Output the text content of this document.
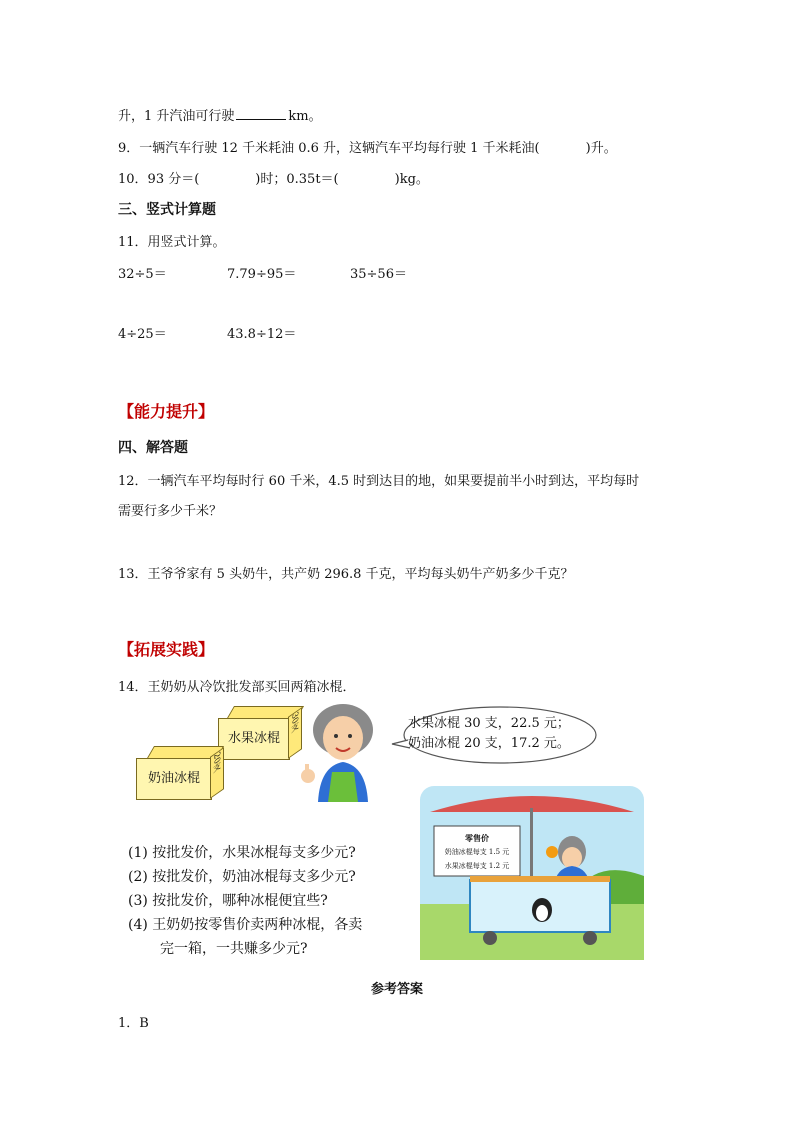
升，1 升汽油可行驶	km。
9．一辆汽车行驶 12 千米耗油 0.6 升，这辆汽车平均每行驶 1 千米耗油(	)升。
10．93 分＝(	)时；0.35t＝(	)kg。
三、竖式计算题
11．用竖式计算。
32÷5＝	7.79÷95＝	35÷56＝
4÷25＝	43.8÷12＝
【能力提升】
四、解答题
12．一辆汽车平均每时行 60 千米，4.5 时到达目的地，如果要提前半小时到达，平均每时
需要行多少千米？
13．王爷爷家有 5 头奶牛，共产奶 296.8 千克，平均每头奶牛产奶多少千克？
【拓展实践】
14．王奶奶从冷饮批发部买回两箱冰棍．
水果冰棍
30支
奶油冰棍
20支
水果冰棍 30 支，22.5 元；
奶油冰棍 20 支，17.2 元。
(1) 按批发价，水果冰棍每支多少元?
(2) 按批发价，奶油冰棍每支多少元?
(3) 按批发价，哪种冰棍便宜些?
(4) 王奶奶按零售价卖两种冰棍，各卖
完一箱，一共赚多少元?
零售价
奶油冰棍每支 1.5 元
水果冰棍每支 1.2 元
参考答案
1．B
